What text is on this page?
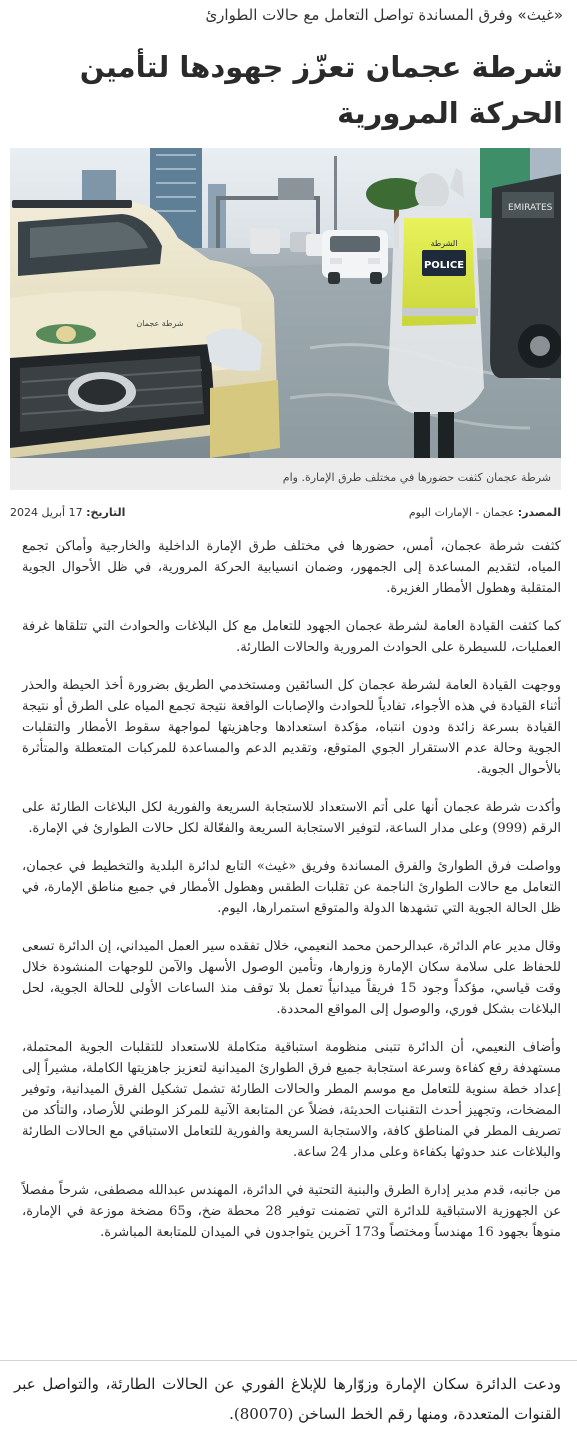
«غيث» وفرق المساندة تواصل التعامل مع حالات الطوارئ
شرطة عجمان تعزّز جهودها لتأمين الحركة المرورية
EMIRATES
الشرطة
POLICE
شرطة عجمان
شرطة عجمان كثفت حضورها في مختلف طرق الإمارة. وام
المصدر: عجمان - الإمارات اليوم
التاريخ: 17 أبريل 2024

كثفت شرطة عجمان، أمس، حضورها في مختلف طرق الإمارة الداخلية والخارجية وأماكن تجمع المياه، لتقديم المساعدة إلى الجمهور، وضمان انسيابية الحركة المرورية، في ظل الأحوال الجوية المتقلبة وهطول الأمطار الغزيرة.

كما كثفت القيادة العامة لشرطة عجمان الجهود للتعامل مع كل البلاغات والحوادث التي تتلقاها غرفة العمليات، للسيطرة على الحوادث المرورية والحالات الطارئة.

ووجهت القيادة العامة لشرطة عجمان كل السائقين ومستخدمي الطريق بضرورة أخذ الحيطة والحذر أثناء القيادة في هذه الأجواء، تفادياً للحوادث والإصابات الواقعة نتيجة تجمع المياه على الطرق أو نتيجة القيادة بسرعة زائدة ودون انتباه، مؤكدة استعدادها وجاهزيتها لمواجهة سقوط الأمطار والتقلبات الجوية وحالة عدم الاستقرار الجوي المتوقع، وتقديم الدعم والمساعدة للمركبات المتعطلة والمتأثرة بالأحوال الجوية.

وأكدت شرطة عجمان أنها على أتم الاستعداد للاستجابة السريعة والفورية لكل البلاغات الطارئة على الرقم (999) وعلى مدار الساعة، لتوفير الاستجابة السريعة والفعّالة لكل حالات الطوارئ في الإمارة.

وواصلت فرق الطوارئ والفرق المساندة وفريق «غيث» التابع لدائرة البلدية والتخطيط في عجمان، التعامل مع حالات الطوارئ الناجمة عن تقلبات الطقس وهطول الأمطار في جميع مناطق الإمارة، في ظل الحالة الجوية التي تشهدها الدولة والمتوقع استمرارها، اليوم.

وقال مدير عام الدائرة، عبدالرحمن محمد النعيمي، خلال تفقده سير العمل الميداني، إن الدائرة تسعى للحفاظ على سلامة سكان الإمارة وزوارها، وتأمين الوصول الأسهل والآمن للوجهات المنشودة خلال وقت قياسي، مؤكداً وجود 15 فريقاً ميدانياً تعمل بلا توقف منذ الساعات الأولى للحالة الجوية، لحل البلاغات بشكل فوري، والوصول إلى المواقع المحددة.

وأضاف النعيمي، أن الدائرة تتبنى منظومة استباقية متكاملة للاستعداد للتقلبات الجوية المحتملة، مستهدفة رفع كفاءة وسرعة استجابة جميع فرق الطوارئ الميدانية لتعزيز جاهزيتها الكاملة، مشيراً إلى إعداد خطة سنوية للتعامل مع موسم المطر والحالات الطارئة تشمل تشكيل الفرق الميدانية، وتوفير المضخات، وتجهيز أحدث التقنيات الحديثة، فضلاً عن المتابعة الآنية للمركز الوطني للأرصاد، والتأكد من تصريف المطر في المناطق كافة، والاستجابة السريعة والفورية للتعامل الاستباقي مع الحالات الطارئة والبلاغات عند حدوثها بكفاءة وعلى مدار 24 ساعة.

من جانبه، قدم مدير إدارة الطرق والبنية التحتية في الدائرة، المهندس عبدالله مصطفى، شرحاً مفصلاً عن الجهوزية الاستباقية للدائرة التي تضمنت توفير 28 محطة ضخ، و65 مضخة موزعة في الإمارة، منوهاً بجهود 16 مهندساً ومختصاً و173 آخرين يتواجدون في الميدان للمتابعة المباشرة.

ودعت الدائرة سكان الإمارة وزوّارها للإبلاغ الفوري عن الحالات الطارئة، والتواصل عبر القنوات المتعددة، ومنها رقم الخط الساخن (80070).
